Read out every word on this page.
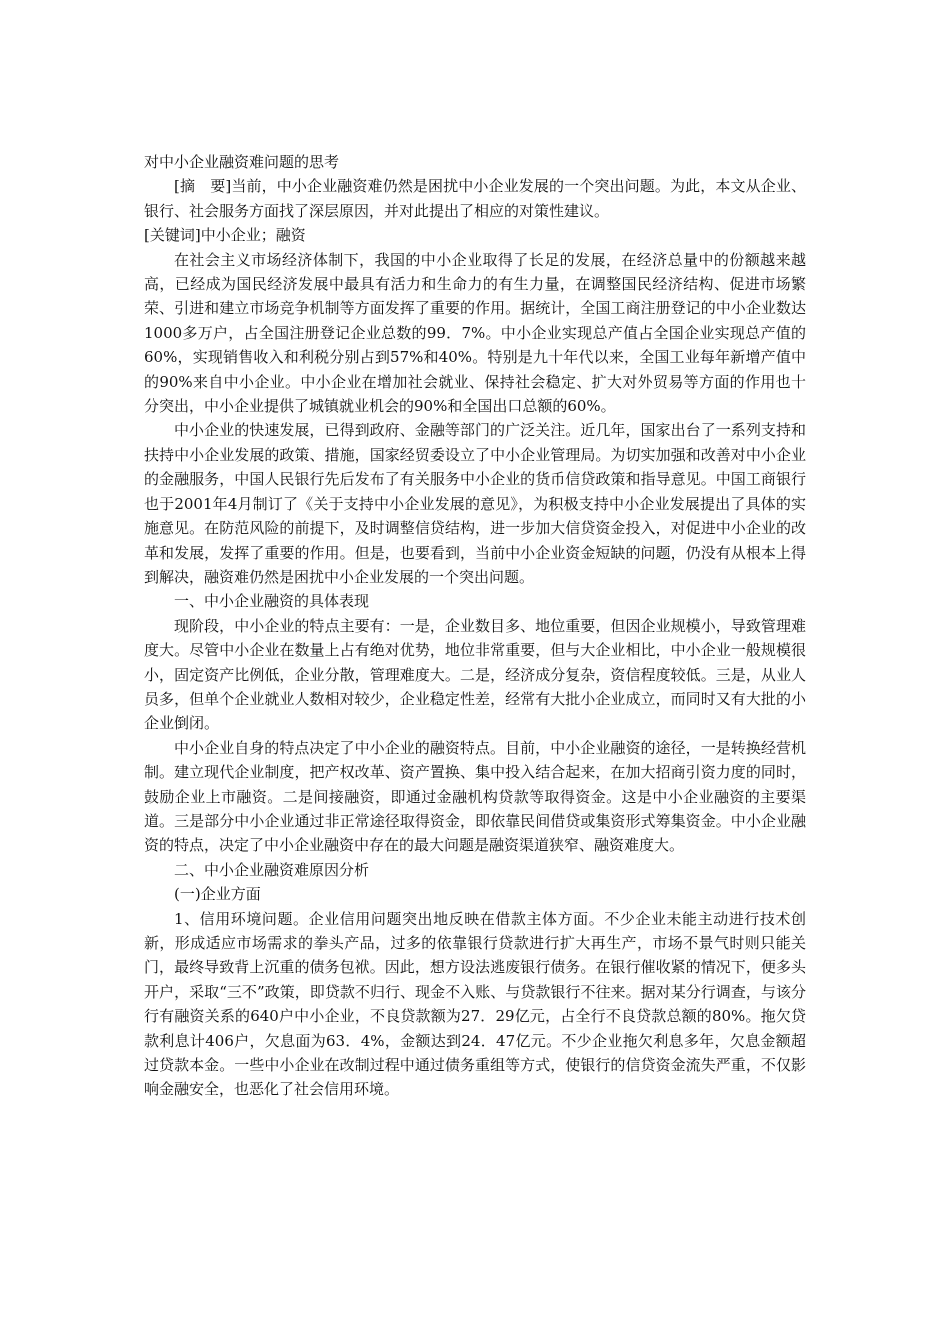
对中小企业融资难问题的思考

[摘　要]当前，中小企业融资难仍然是困扰中小企业发展的一个突出问题。为此，本文从企业、银行、社会服务方面找了深层原因，并对此提出了相应的对策性建议。

[关键词]中小企业；融资

在社会主义市场经济体制下，我国的中小企业取得了长足的发展，在经济总量中的份额越来越高，已经成为国民经济发展中最具有活力和生命力的有生力量，在调整国民经济结构、促进市场繁荣、引进和建立市场竞争机制等方面发挥了重要的作用。据统计，全国工商注册登记的中小企业数达1000多万户，占全国注册登记企业总数的99．7%。中小企业实现总产值占全国企业实现总产值的60%，实现销售收入和利税分别占到57%和40%。特别是九十年代以来，全国工业每年新增产值中的90%来自中小企业。中小企业在增加社会就业、保持社会稳定、扩大对外贸易等方面的作用也十分突出，中小企业提供了城镇就业机会的90%和全国出口总额的60%。

中小企业的快速发展，已得到政府、金融等部门的广泛关注。近几年，国家出台了一系列支持和扶持中小企业发展的政策、措施，国家经贸委设立了中小企业管理局。为切实加强和改善对中小企业的金融服务，中国人民银行先后发布了有关服务中小企业的货币信贷政策和指导意见。中国工商银行也于2001年4月制订了《关于支持中小企业发展的意见》，为积极支持中小企业发展提出了具体的实施意见。在防范风险的前提下，及时调整信贷结构，进一步加大信贷资金投入，对促进中小企业的改革和发展，发挥了重要的作用。但是，也要看到，当前中小企业资金短缺的问题，仍没有从根本上得到解决，融资难仍然是困扰中小企业发展的一个突出问题。

一、中小企业融资的具体表现

现阶段，中小企业的特点主要有：一是，企业数目多、地位重要，但因企业规模小，导致管理难度大。尽管中小企业在数量上占有绝对优势，地位非常重要，但与大企业相比，中小企业一般规模很小，固定资产比例低，企业分散，管理难度大。二是，经济成分复杂，资信程度较低。三是，从业人员多，但单个企业就业人数相对较少，企业稳定性差，经常有大批小企业成立，而同时又有大批的小企业倒闭。

中小企业自身的特点决定了中小企业的融资特点。目前，中小企业融资的途径，一是转换经营机制。建立现代企业制度，把产权改革、资产置换、集中投入结合起来，在加大招商引资力度的同时，鼓励企业上市融资。二是间接融资，即通过金融机构贷款等取得资金。这是中小企业融资的主要渠道。三是部分中小企业通过非正常途径取得资金，即依靠民间借贷或集资形式筹集资金。中小企业融资的特点，决定了中小企业融资中存在的最大问题是融资渠道狭窄、融资难度大。

二、中小企业融资难原因分析

(一)企业方面

1、信用环境问题。企业信用问题突出地反映在借款主体方面。不少企业未能主动进行技术创新，形成适应市场需求的拳头产品，过多的依靠银行贷款进行扩大再生产，市场不景气时则只能关门，最终导致背上沉重的债务包袱。因此，想方设法逃废银行债务。在银行催收紧的情况下，便多头开户，采取“三不”政策，即贷款不归行、现金不入账、与贷款银行不往来。据对某分行调查，与该分行有融资关系的640户中小企业，不良贷款额为27．29亿元，占全行不良贷款总额的80%。拖欠贷款利息计406户，欠息面为63．4%，金额达到24．47亿元。不少企业拖欠利息多年，欠息金额超过贷款本金。一些中小企业在改制过程中通过债务重组等方式，使银行的信贷资金流失严重，不仅影响金融安全，也恶化了社会信用环境。
